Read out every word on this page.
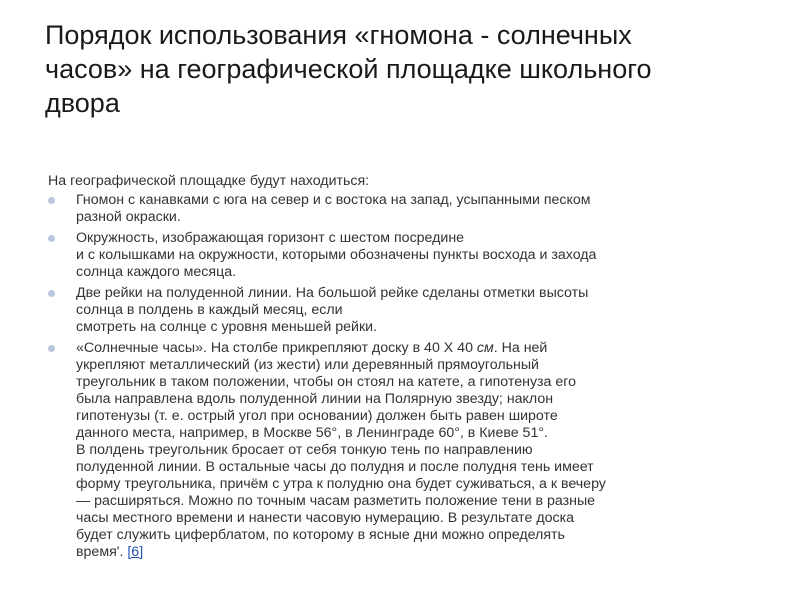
Порядок использования «гномона - солнечных
часов» на географической площадке школьного
двора

На географической площадке будут находиться:

Гномон с канавками с юга на север и с востока на запад, усыпанными песком
разной окраски.
Окружность, изображающая горизонт с шестом посредине
и с колышками на окружности, которыми обозначены пункты восхода и захода
солнца каждого месяца.
Две рейки на полуденной линии. На большой рейке сделаны отметки высоты
солнца в полдень в каждый месяц, если
смотреть на солнце с уровня меньшей рейки.
«Солнечные часы». На столбе прикрепляют доску в 40 X 40 см. На ней
укрепляют металлический (из жести) или деревянный прямоугольный
треугольник в таком положении, чтобы он стоял на катете, а гипотенуза его
была направлена вдоль полуденной линии на Полярную звезду; наклон
гипотенузы (т. е. острый угол при основании) должен быть равен широте
данного места, например, в Москве 56°, в Ленинграде 60°, в Киеве 51°.
В полдень треугольник бросает от себя тонкую тень по направлению
полуденной линии. В остальные часы до полудня и после полудня тень имеет
форму треугольника, причём с утра к полудню она будет суживаться, а к вечеру
— расширяться. Можно по точным часам разметить положение тени в разные
часы местного времени и нанести часовую нумерацию. В результате доска
будет служить циферблатом, по которому в ясные дни можно определять
время'. [6]
